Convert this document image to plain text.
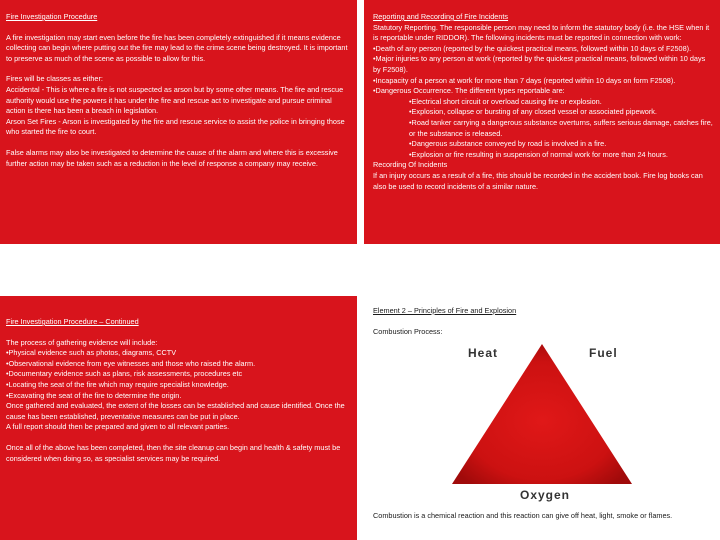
Fire Investigation Procedure
A fire investigation may start even before the fire has been completely extinguished if it means evidence collecting can begin where putting out the fire may lead to the crime scene being destroyed. It is important to preserve as much of the scene as possible to allow for this.
Fires will be classes as either:
Accidental - This is where a fire is not suspected as arson but by some other means. The fire and rescue authority would use the powers it has under the fire and rescue act to investigate and pursue criminal action is there has been a breach in legislation.
Arson Set Fires - Arson is investigated by the fire and rescue service to assist the police in bringing those who started the fire to court.
False alarms may also be investigated to determine the cause of the alarm and where this is excessive further action may be taken such as a reduction in the level of response a company may receive.
Reporting and Recording of Fire Incidents
Statutory Reporting. The responsible person may need to inform the statutory body (i.e. the HSE when it is reportable under RIDDOR). The following incidents must be reported in connection with work:
•Death of any person (reported by the quickest practical means, followed within 10 days of F2508).
•Major injuries to any person at work (reported by the quickest practical means, followed within 10 days by F2508).
•Incapacity of a person at work for more than 7 days (reported within 10 days on form F2508).
•Dangerous Occurrence. The different types reportable are:
•Electrical short circuit or overload causing fire or explosion.
•Explosion, collapse or bursting of any closed vessel or associated pipework.
•Road tanker carrying a dangerous substance overturns, suffers serious damage, catches fire, or the substance is released.
•Dangerous substance conveyed by road is involved in a fire.
•Explosion or fire resulting in suspension of normal work for more than 24 hours.
Recording Of Incidents
If an injury occurs as a result of a fire, this should be recorded in the accident book. Fire log books can also be used to record incidents of a similar nature.
Fire Investigation Procedure – Continued
The process of gathering evidence will include:
•Physical evidence such as photos, diagrams, CCTV
•Observational evidence from eye witnesses and those who raised the alarm.
•Documentary evidence such as plans, risk assessments, procedures etc
•Locating the seat of the fire which may require specialist knowledge.
•Excavating the seat of the fire to determine the origin.
Once gathered and evaluated, the extent of the losses can be established and cause identified. Once the cause has been established, preventative measures can be put in place.
A full report should then be prepared and given to all relevant parties.
Once all of the above has been completed, then the site cleanup can begin and health & safety must be considered when doing so, as specialist services may be required.
Element 2 – Principles of Fire and Explosion
Combustion Process:
Heat	Fuel
Oxygen
Combustion is a chemical reaction and this reaction can give off heat, light, smoke or flames.
